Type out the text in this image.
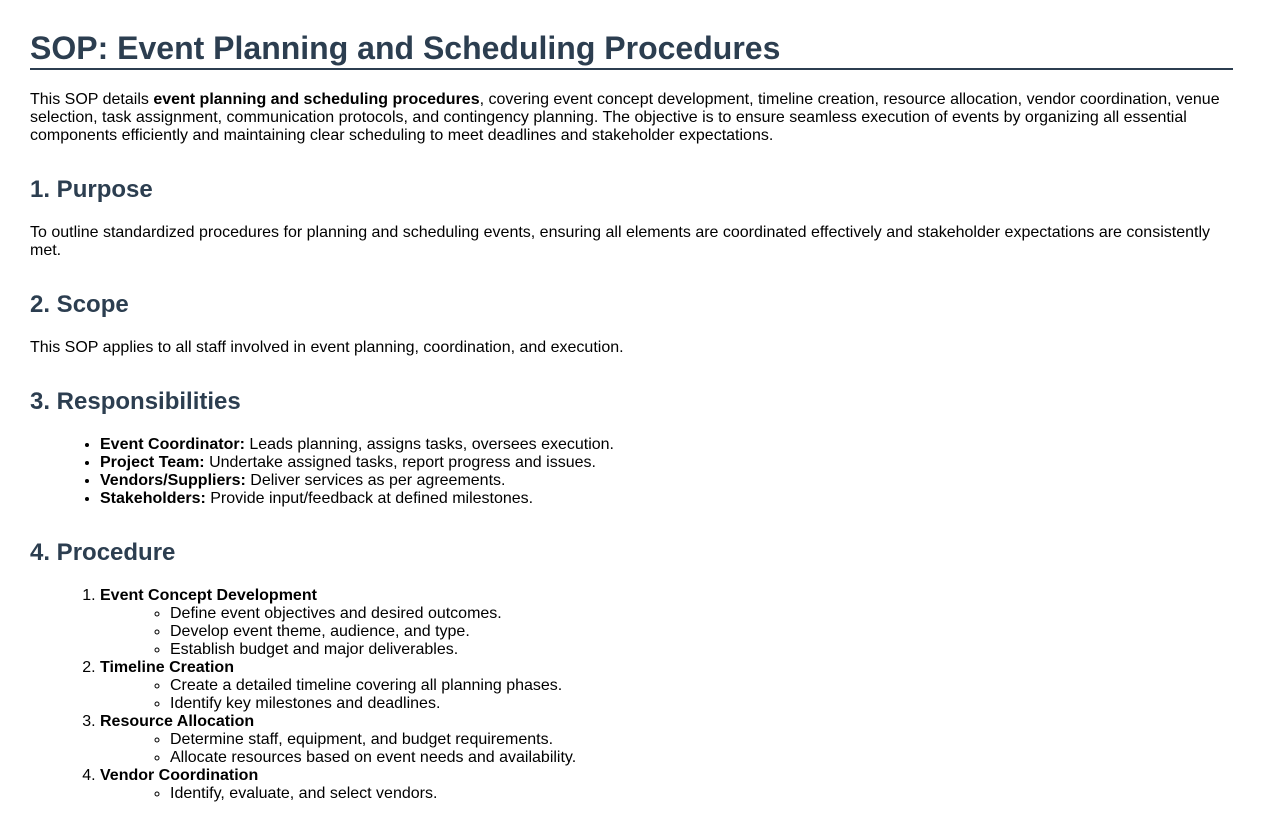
SOP: Event Planning and Scheduling Procedures

This SOP details event planning and scheduling procedures, covering event concept development, timeline creation, resource allocation, vendor coordination, venue selection, task assignment, communication protocols, and contingency planning. The objective is to ensure seamless execution of events by organizing all essential components efficiently and maintaining clear scheduling to meet deadlines and stakeholder expectations.

1. Purpose

To outline standardized procedures for planning and scheduling events, ensuring all elements are coordinated effectively and stakeholder expectations are consistently met.

2. Scope

This SOP applies to all staff involved in event planning, coordination, and execution.

3. Responsibilities
• Event Coordinator: Leads planning, assigns tasks, oversees execution.
• Project Team: Undertake assigned tasks, report progress and issues.
• Vendors/Suppliers: Deliver services as per agreements.
• Stakeholders: Provide input/feedback at defined milestones.
4. Procedure
1. Event Concept Development
◦ Define event objectives and desired outcomes.
◦ Develop event theme, audience, and type.
◦ Establish budget and major deliverables.
2. Timeline Creation
◦ Create a detailed timeline covering all planning phases.
◦ Identify key milestones and deadlines.
3. Resource Allocation
◦ Determine staff, equipment, and budget requirements.
◦ Allocate resources based on event needs and availability.
4. Vendor Coordination
◦ Identify, evaluate, and select vendors.
